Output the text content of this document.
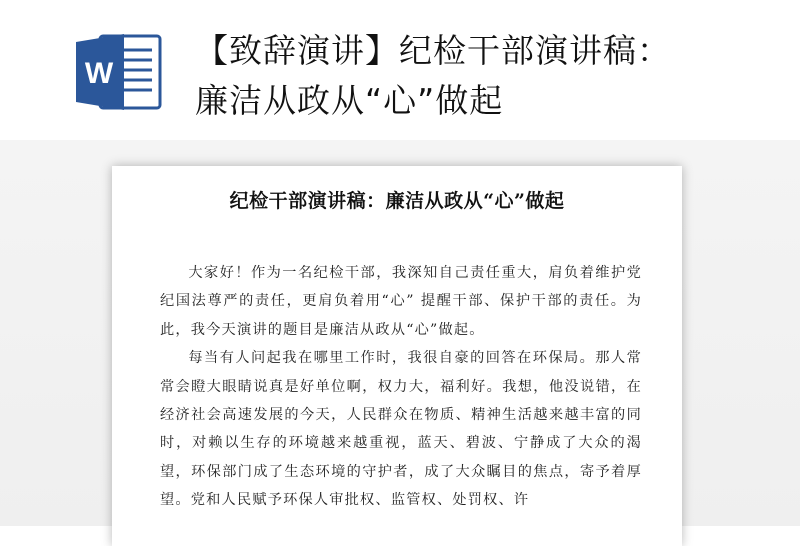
W
【致辞演讲】纪检干部演讲稿：
廉洁从政从“心”做起
纪检干部演讲稿：廉洁从政从“心”做起

大家好！作为一名纪检干部，我深知自己责任重大，肩负着维护党纪国法尊严的责任，更肩负着用“心” 提醒干部、保护干部的责任。为此，我今天演讲的题目是廉洁从政从“心”做起。

每当有人问起我在哪里工作时，我很自豪的回答在环保局。那人常常会瞪大眼睛说真是好单位啊，权力大，福利好。我想，他没说错，在经济社会高速发展的今天，人民群众在物质、精神生活越来越丰富的同时，对赖以生存的环境越来越重视，蓝天、碧波、宁静成了大众的渴望，环保部门成了生态环境的守护者，成了大众瞩目的焦点，寄予着厚望。党和人民赋予环保人审批权、监管权、处罚权、许
